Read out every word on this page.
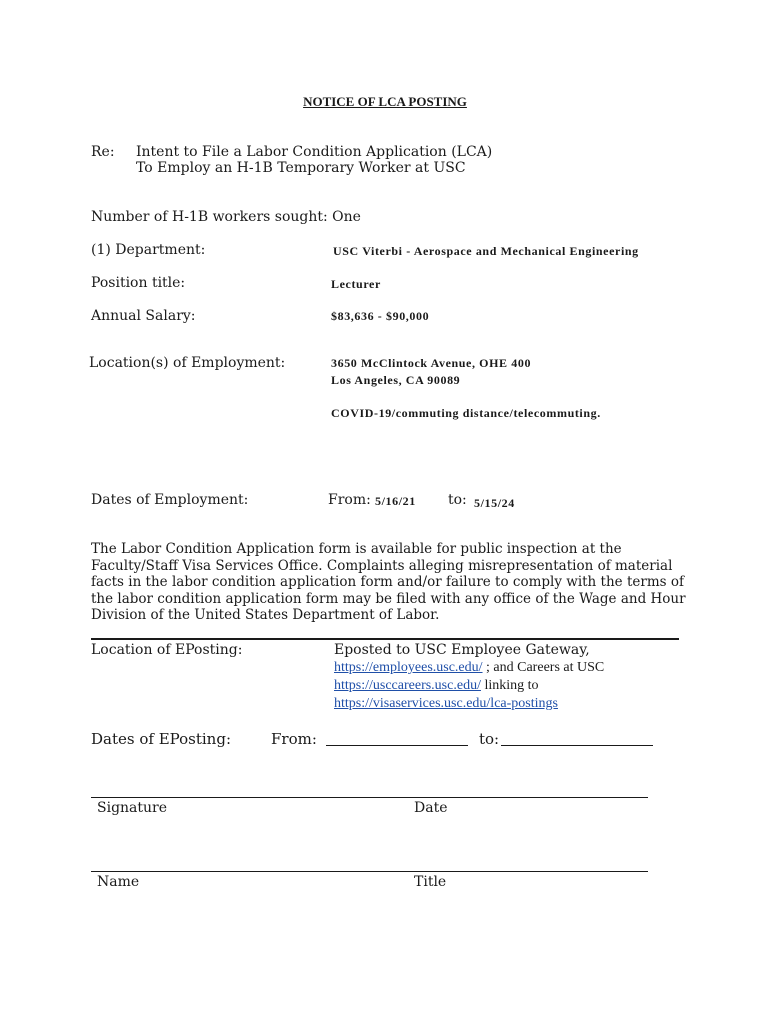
NOTICE OF LCA POSTING
Re: Intent to File a Labor Condition Application (LCA)
To Employ an H-1B Temporary Worker at USC
Number of H-1B workers sought: One
(1) Department:	USC Viterbi - Aerospace and Mechanical Engineering
Position title:	Lecturer
Annual Salary:	$83,636 - $90,000
Location(s) of Employment:	3650 McClintock Avenue, OHE 400
Los Angeles, CA 90089
COVID-19/commuting distance/telecommuting.
Dates of Employment:	From: 5/16/21 to: 5/15/24
The Labor Condition Application form is available for public inspection at the Faculty/Staff Visa Services Office. Complaints alleging misrepresentation of material facts in the labor condition application form and/or failure to comply with the terms of the labor condition application form may be filed with any office of the Wage and Hour Division of the United States Department of Labor.
Location of EPosting:	Eposted to USC Employee Gateway,
https://employees.usc.edu/ ; and Careers at USC
https://usccareers.usc.edu/ linking to
https://visaservices.usc.edu/lca-postings
Dates of EPosting:	From:	to:
Signature	Date
Name	Title
